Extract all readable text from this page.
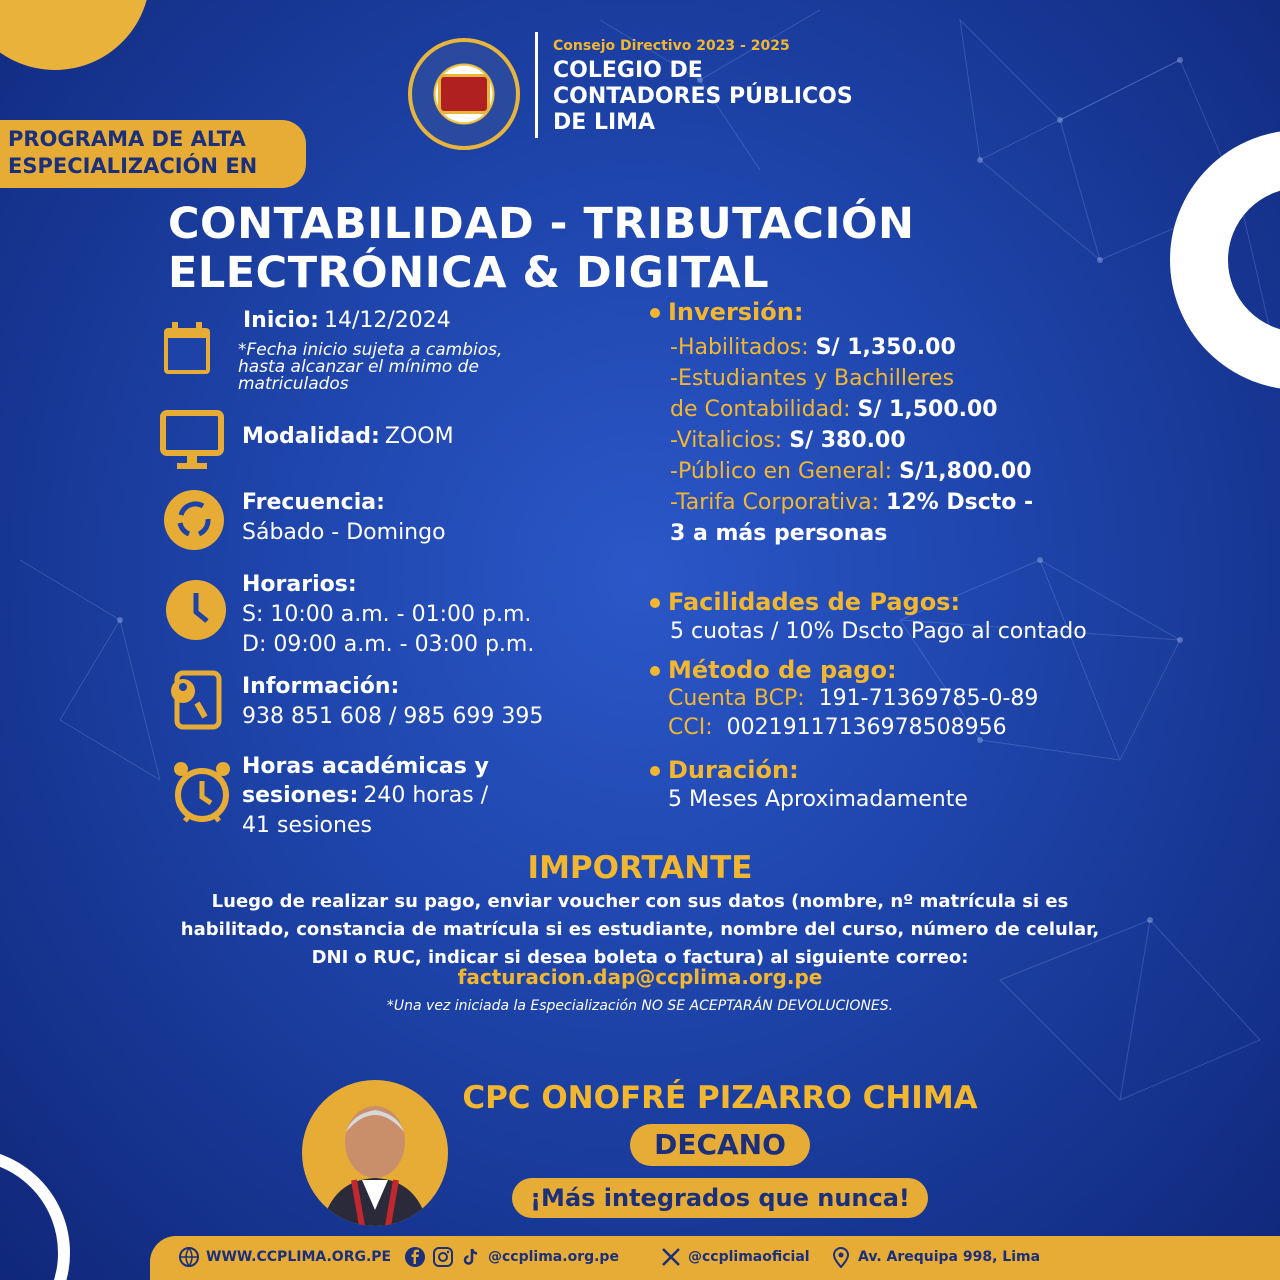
Consejo Directivo 2023 - 2025
COLEGIO DE
CONTADORES PÚBLICOS
DE LIMA
PROGRAMA DE ALTA
ESPECIALIZACIÓN EN
CONTABILIDAD - TRIBUTACIÓN
ELECTRÓNICA & DIGITAL
Inicio: 14/12/2024
*Fecha inicio sujeta a cambios,
hasta alcanzar el mínimo de
matriculados
Modalidad: ZOOM
Frecuencia:
Sábado - Domingo
Horarios:
S: 10:00 a.m. - 01:00 p.m.
D: 09:00 a.m. - 03:00 p.m.
Información:
938 851 608 / 985 699 395
Horas académicas y
sesiones: 240 horas /
41 sesiones
Inversión:
-Habilitados: S/ 1,350.00
-Estudiantes y Bachilleres
de Contabilidad: S/ 1,500.00
-Vitalicios: S/ 380.00
-Público en General: S/1,800.00
-Tarifa Corporativa: 12% Dscto -
3 a más personas
Facilidades de Pagos:
5 cuotas / 10% Dscto Pago al contado
Método de pago:
Cuenta BCP: 191-71369785-0-89
CCI: 00219117136978508956
Duración:
5 Meses Aproximadamente
IMPORTANTE
Luego de realizar su pago, enviar voucher con sus datos (nombre, nº matrícula si es
habilitado, constancia de matrícula si es estudiante, nombre del curso, número de celular,
DNI o RUC, indicar si desea boleta o factura) al siguiente correo:
facturacion.dap@ccplima.org.pe
*Una vez iniciada la Especialización NO SE ACEPTARÁN DEVOLUCIONES.
CPC ONOFRÉ PIZARRO CHIMA
DECANO
¡Más integrados que nunca!
WWW.CCPLIMA.ORG.PE	@ccplima.org.pe	@ccplimaoficial	Av. Arequipa 998, Lima
